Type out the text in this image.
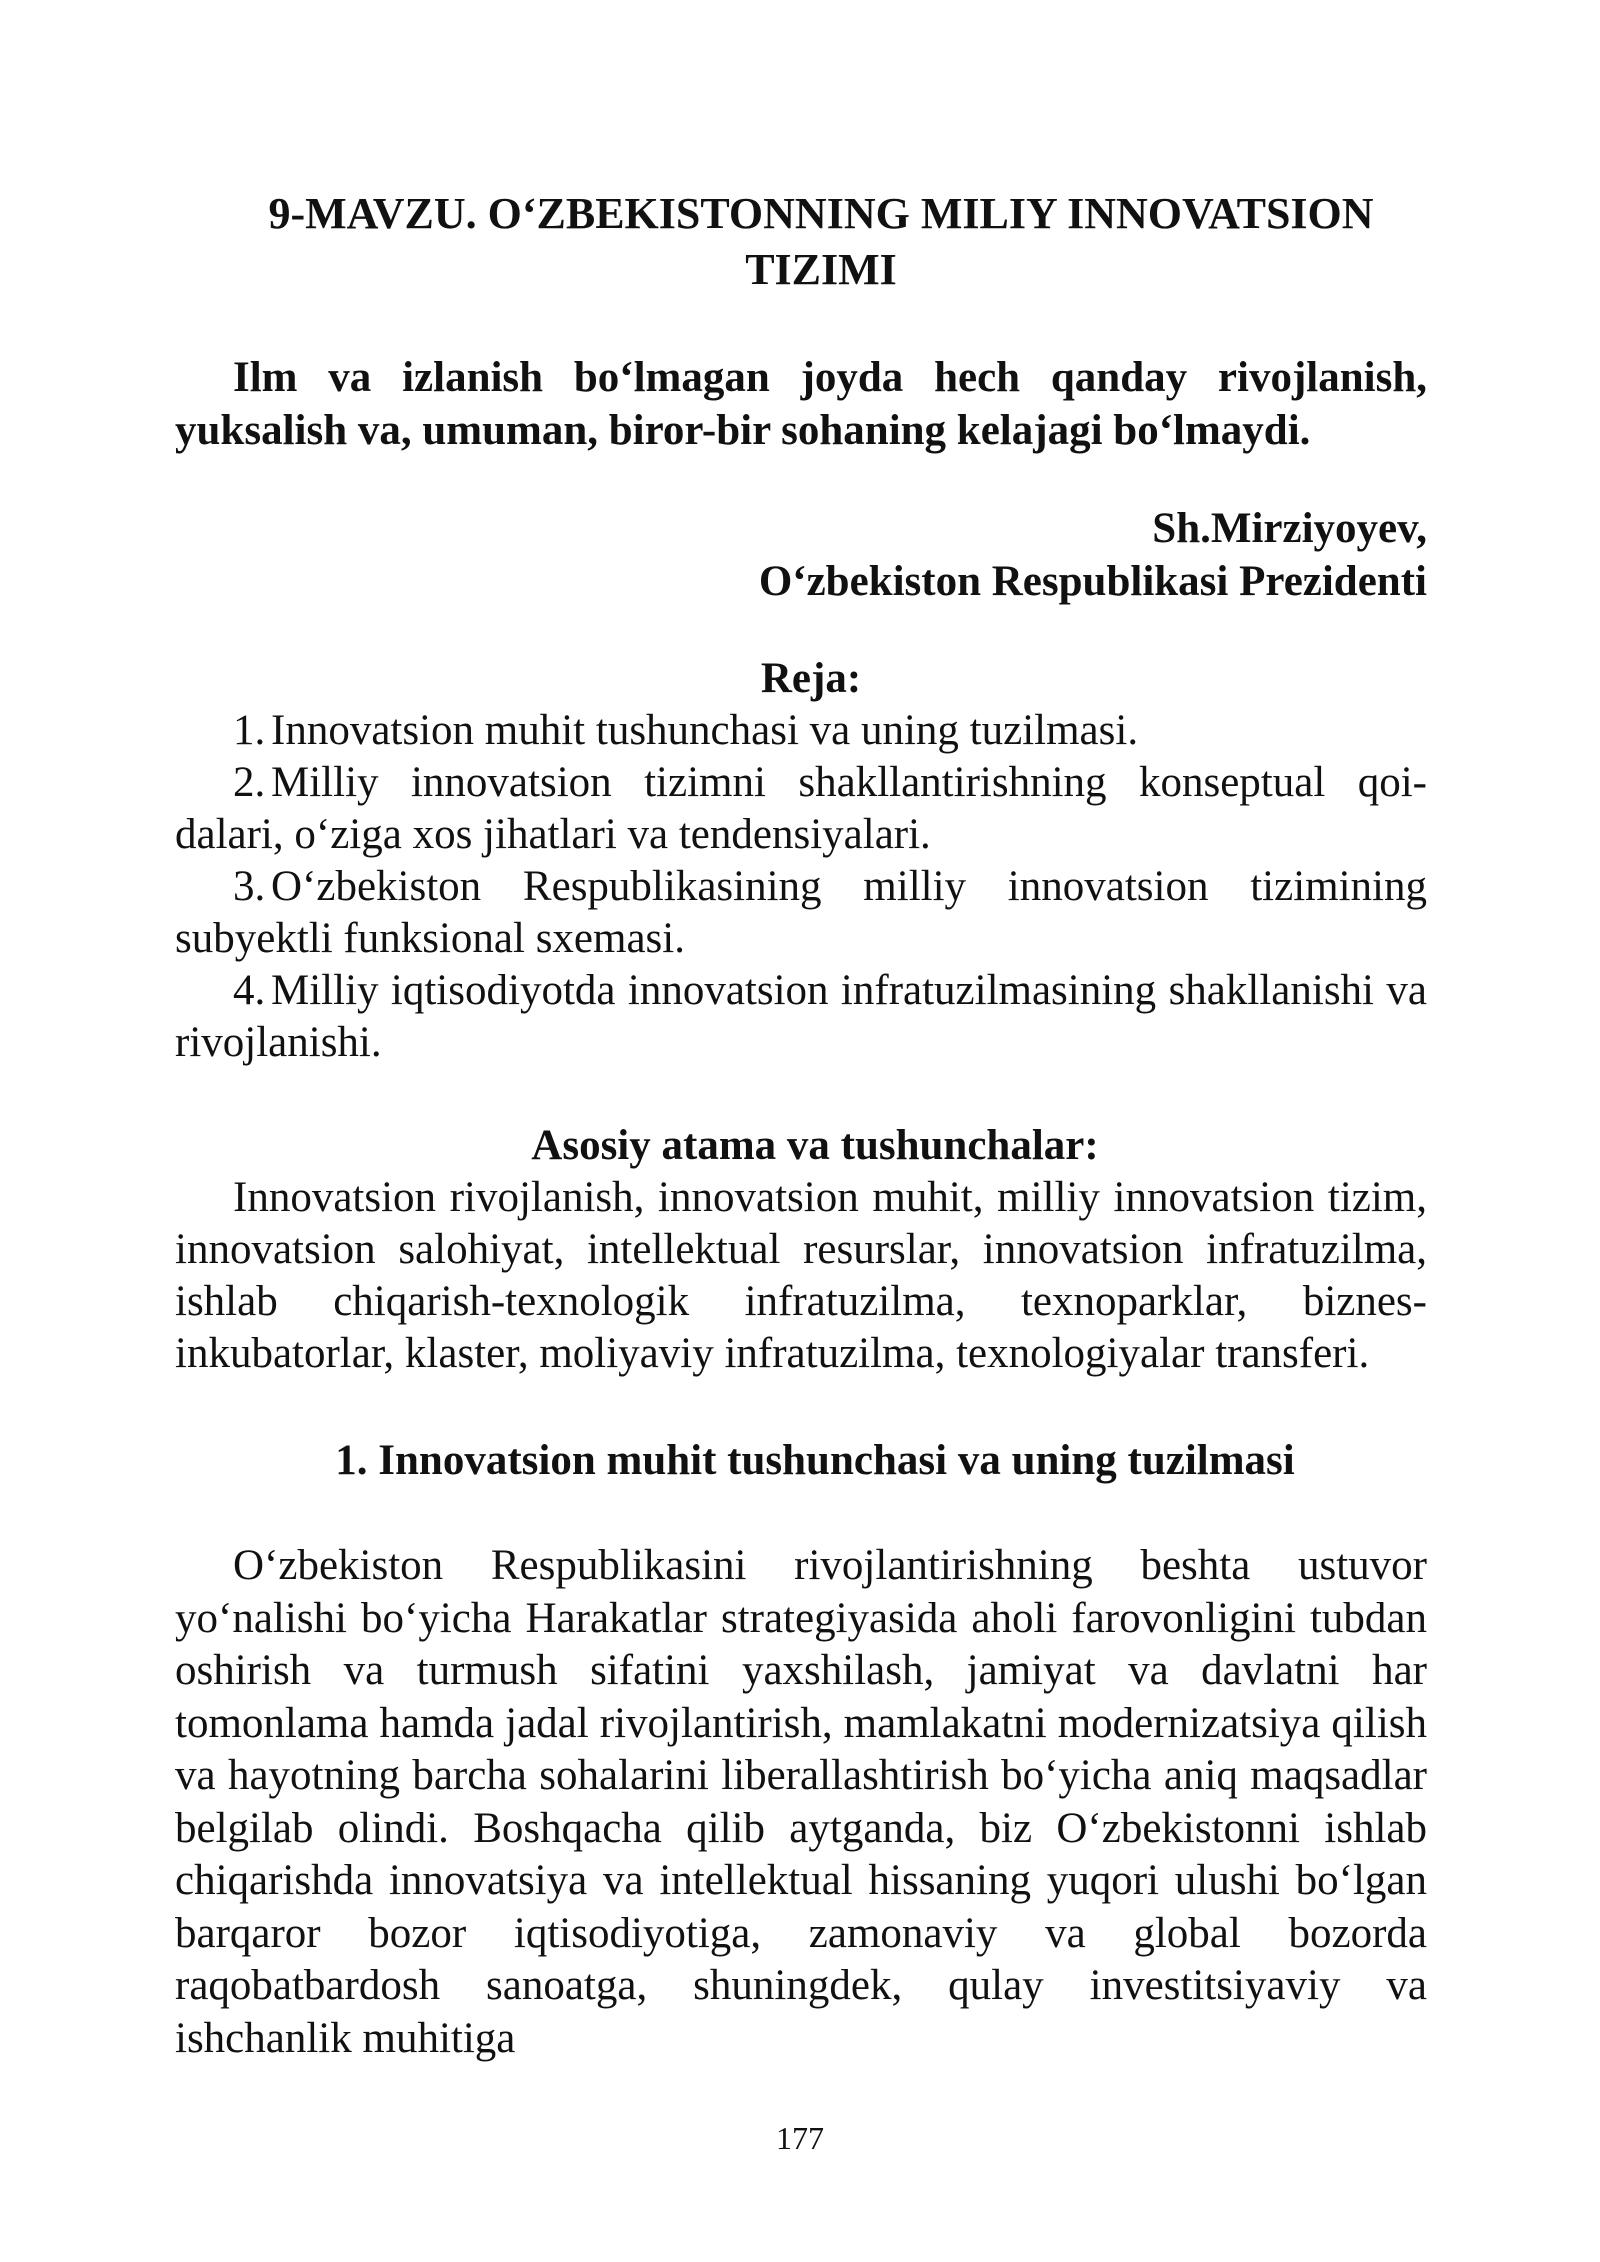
9-MAVZU. O‘ZBEKISTONNING MILIY INNOVATSION TIZIMI
Ilm va izlanish bo‘lmagan joyda hech qanday rivojlanish, yuksalish va, umuman, biror-bir sohaning kelajagi bo‘lmaydi.
Sh.Mirziyoyev,
O‘zbekiston Respublikasi Prezidenti
Reja:
1. Innovatsion muhit tushunchasi va uning tuzilmasi.
2. Milliy innovatsion tizimni shakllantirishning konseptual qoi-dalari, o‘ziga xos jihatlari va tendensiyalari.
3. O‘zbekiston Respublikasining milliy innovatsion tizimining subyektli funksional sxemasi.
4. Milliy iqtisodiyotda innovatsion infratuzilmasining shakllanishi va rivojlanishi.
Asosiy atama va tushunchalar:
Innovatsion rivojlanish, innovatsion muhit, milliy innovatsion tizim, innovatsion salohiyat, intellektual resurslar, innovatsion infratuzilma, ishlab chiqarish-texnologik infratuzilma, texnoparklar, biznes-inkubatorlar, klaster, moliyaviy infratuzilma, texnologiyalar transferi.
1. Innovatsion muhit tushunchasi va uning tuzilmasi
O‘zbekiston Respublikasini rivojlantirishning beshta ustuvor yo‘nalishi bo‘yicha Harakatlar strategiyasida aholi farovonligini tubdan oshirish va turmush sifatini yaxshilash, jamiyat va davlatni har tomonlama hamda jadal rivojlantirish, mamlakatni modernizatsiya qilish va hayotning barcha sohalarini liberallashtirish bo‘yicha aniq maqsadlar belgilab olindi. Boshqacha qilib aytganda, biz O‘zbekistonni ishlab chiqarishda innovatsiya va intellektual hissaning yuqori ulushi bo‘lgan barqaror bozor iqtisodiyotiga, zamonaviy va global bozorda raqobatbardosh sanoatga, shuningdek, qulay investitsiyaviy va ishchanlik muhitiga
177
